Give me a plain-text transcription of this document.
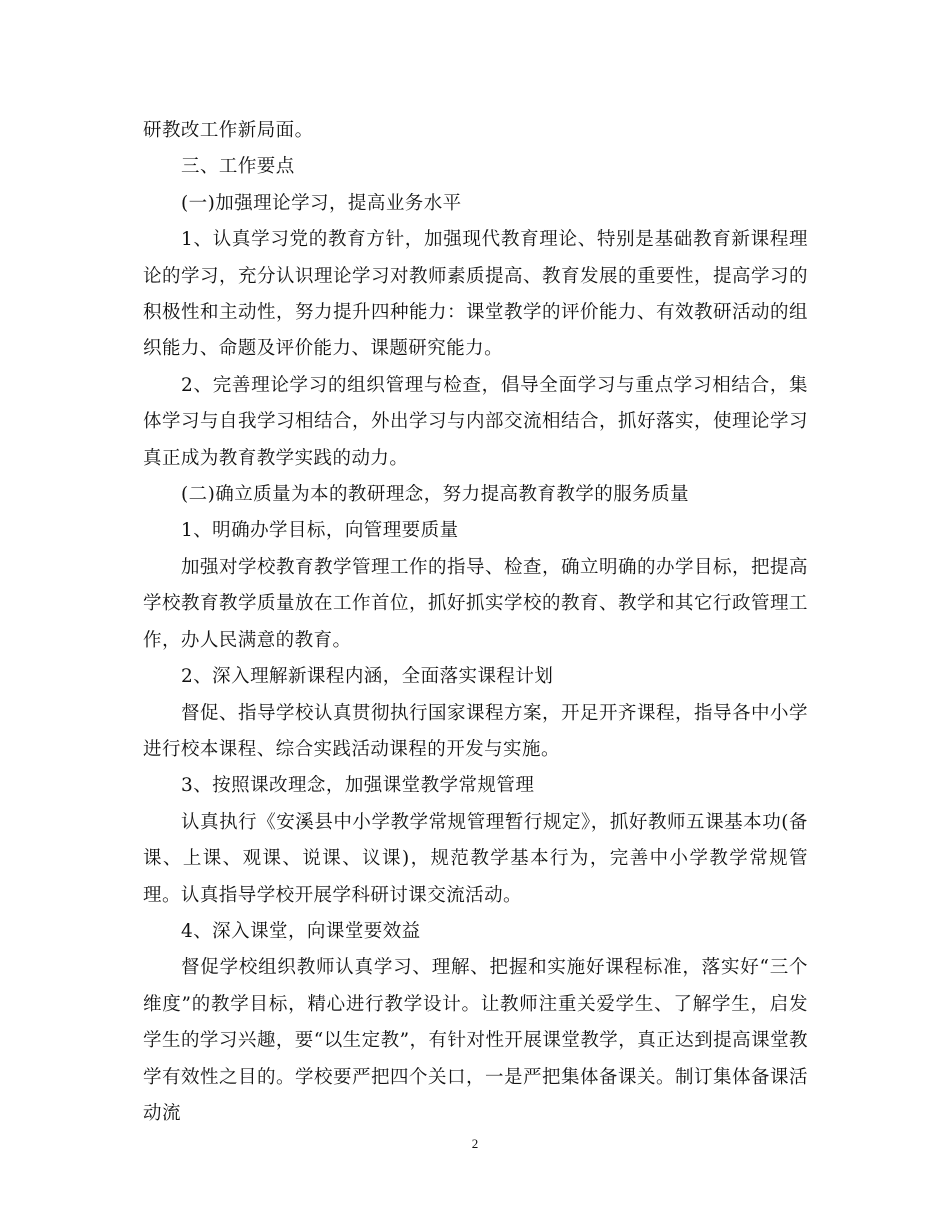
研教改工作新局面。

三、工作要点

(一)加强理论学习，提高业务水平

1、认真学习党的教育方针，加强现代教育理论、特别是基础教育新课程理论的学习，充分认识理论学习对教师素质提高、教育发展的重要性，提高学习的积极性和主动性，努力提升四种能力：课堂教学的评价能力、有效教研活动的组织能力、命题及评价能力、课题研究能力。

2、完善理论学习的组织管理与检查，倡导全面学习与重点学习相结合，集体学习与自我学习相结合，外出学习与内部交流相结合，抓好落实，使理论学习真正成为教育教学实践的动力。

(二)确立质量为本的教研理念，努力提高教育教学的服务质量

1、明确办学目标，向管理要质量

加强对学校教育教学管理工作的指导、检查，确立明确的办学目标，把提高学校教育教学质量放在工作首位，抓好抓实学校的教育、教学和其它行政管理工作，办人民满意的教育。

2、深入理解新课程内涵，全面落实课程计划

督促、指导学校认真贯彻执行国家课程方案，开足开齐课程，指导各中小学进行校本课程、综合实践活动课程的开发与实施。

3、按照课改理念，加强课堂教学常规管理

认真执行《安溪县中小学教学常规管理暂行规定》，抓好教师五课基本功(备课、上课、观课、说课、议课)，规范教学基本行为，完善中小学教学常规管理。认真指导学校开展学科研讨课交流活动。

4、深入课堂，向课堂要效益

督促学校组织教师认真学习、理解、把握和实施好课程标准，落实好“三个维度”的教学目标，精心进行教学设计。让教师注重关爱学生、了解学生，启发学生的学习兴趣，要“以生定教”，有针对性开展课堂教学，真正达到提高课堂教学有效性之目的。学校要严把四个关口，一是严把集体备课关。制订集体备课活动流

2
